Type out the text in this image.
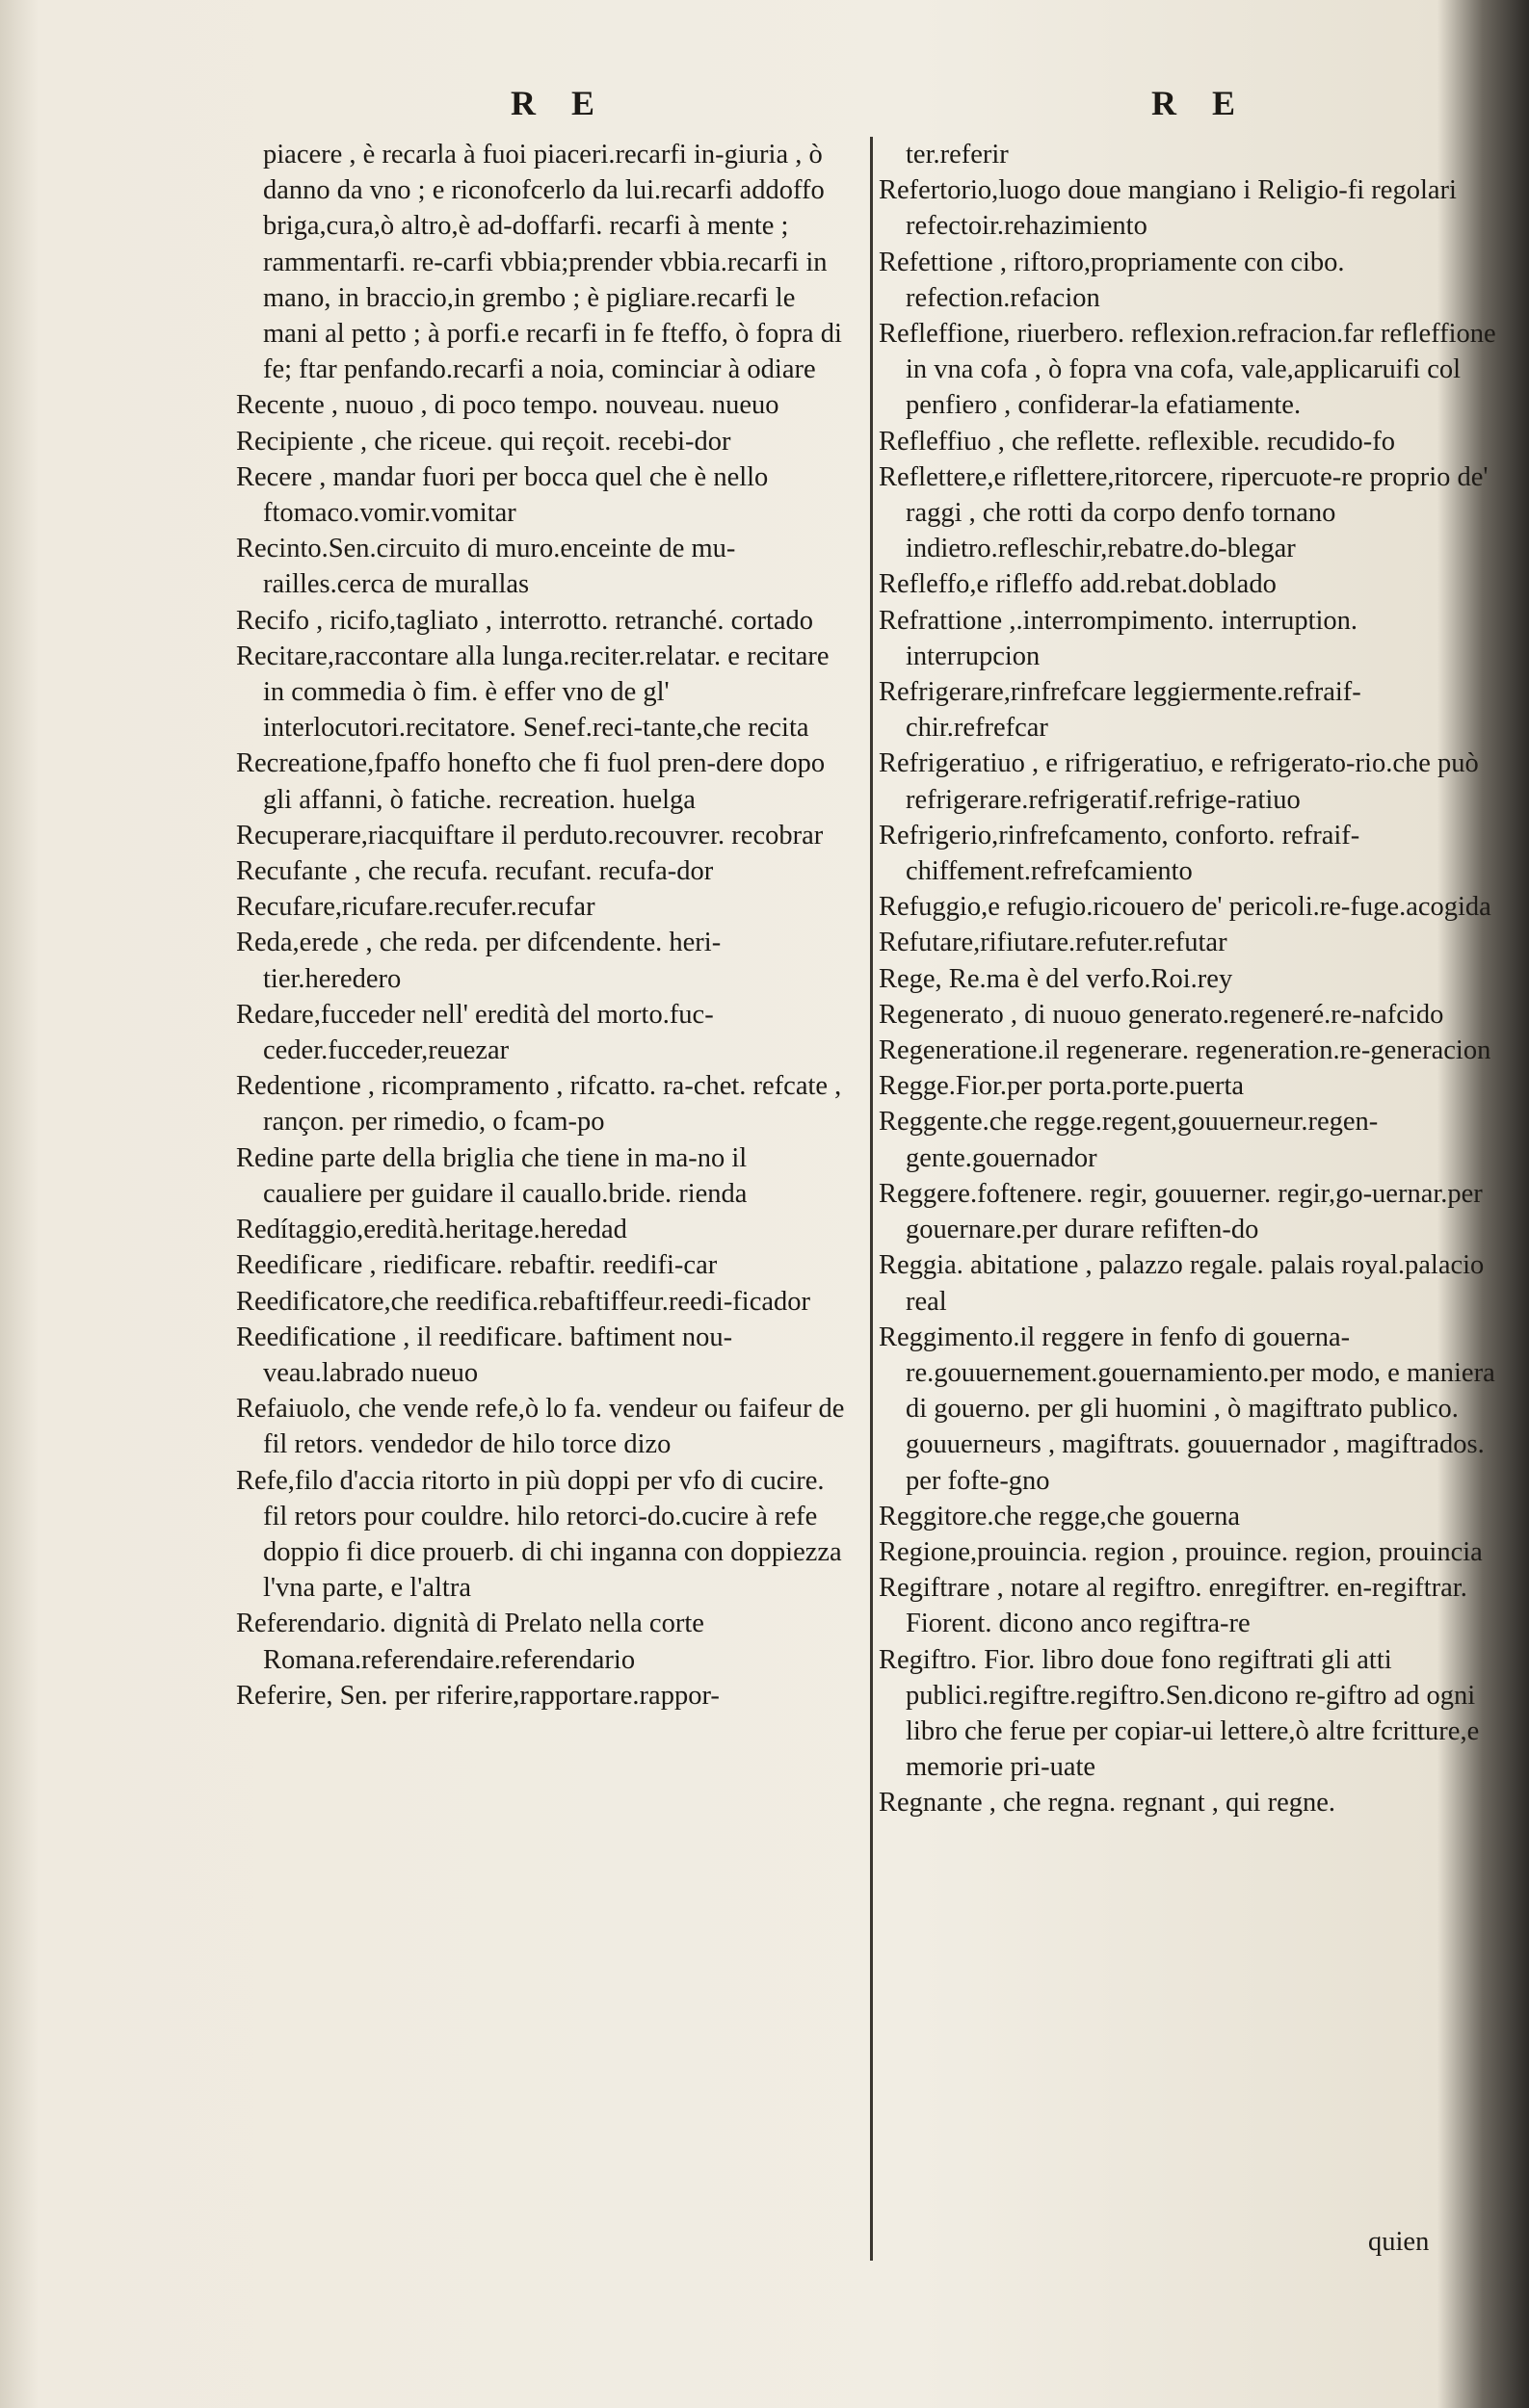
R E	R E
piacere , è recarla à fuoi piaceri.recarfi in-giuria , ò danno da vno ; e riconofcerlo da lui.recarfi addoffo briga,cura,ò altro,è ad-doffarfi. recarfi à mente ; rammentarfi. re-carfi vbbia;prender vbbia.recarfi in mano, in braccio,in grembo ; è pigliare.recarfi le mani al petto ; à porfi.e recarfi in fe fteffo, ò fopra di fe; ftar penfando.recarfi a noia, cominciar à odiare
Recente , nuouo , di poco tempo. nouveau. nueuo
Recipiente , che riceue. qui reçoit. recebi-dor
Recere , mandar fuori per bocca quel che è nello ftomaco.vomir.vomitar
Recinto.Sen.circuito di muro.enceinte de mu-railles.cerca de murallas
Recifo , ricifo,tagliato , interrotto. retranché. cortado
Recitare,raccontare alla lunga.reciter.relatar. e recitare in commedia ò fim. è effer vno de gl' interlocutori.recitatore. Senef.reci-tante,che recita
Recreatione,fpaffo honefto che fi fuol pren-dere dopo gli affanni, ò fatiche. recreation. huelga
Recuperare,riacquiftare il perduto.recouvrer. recobrar
Recufante , che recufa. recufant. recufa-dor
Recufare,ricufare.recufer.recufar
Reda,erede , che reda. per difcendente. heri-tier.heredero
Redare,fucceder nell' eredità del morto.fuc-ceder.fucceder,reuezar
Redentione , ricompramento , rifcatto. ra-chet. refcate , rançon. per rimedio, o fcam-po
Redine parte della briglia che tiene in ma-no il caualiere per guidare il cauallo.bride. rienda
Redítaggio,eredità.heritage.heredad
Reedificare , riedificare. rebaftir. reedifi-car
Reedificatore,che reedifica.rebaftiffeur.reedi-ficador
Reedificatione , il reedificare. baftiment nou-veau.labrado nueuo
Refaiuolo, che vende refe,ò lo fa. vendeur ou faifeur de fil retors. vendedor de hilo torce dizo
Refe,filo d'accia ritorto in più doppi per vfo di cucire. fil retors pour couldre. hilo retorci-do.cucire à refe doppio fi dice prouerb. di chi inganna con doppiezza l'vna parte, e l'altra
Referendario. dignità di Prelato nella corte Romana.referendaire.referendario
Referire, Sen. per riferire,rapportare.rappor-
ter.referir
Refertorio,luogo doue mangiano i Religio-fi regolari refectoir.rehazimiento
Refettione , riftoro,propriamente con cibo. refection.refacion
Refleffione, riuerbero. reflexion.refracion.far refleffione in vna cofa , ò fopra vna cofa, vale,applicaruifi col penfiero , confiderar-la efatiamente.
Refleffiuo , che reflette. reflexible. recudido-fo
Reflettere,e riflettere,ritorcere, ripercuote-re proprio de' raggi , che rotti da corpo denfo tornano indietro.refleschir,rebatre.do-blegar
Refleffo,e rifleffo add.rebat.doblado
Refrattione ,.interrompimento. interruption. interrupcion
Refrigerare,rinfrefcare leggiermente.refraif-chir.refrefcar
Refrigeratiuo , e rifrigeratiuo, e refrigerato-rio.che può refrigerare.refrigeratif.refrige-ratiuo
Refrigerio,rinfrefcamento, conforto. refraif-chiffement.refrefcamiento
Refuggio,e refugio.ricouero de' pericoli.re-fuge.acogida
Refutare,rifiutare.refuter.refutar
Rege, Re.ma è del verfo.Roi.rey
Regenerato , di nuouo generato.regeneré.re-nafcido
Regeneratione.il regenerare. regeneration.re-generacion
Regge.Fior.per porta.porte.puerta
Reggente.che regge.regent,gouuerneur.regen-gente.gouernador
Reggere.foftenere. regir, gouuerner. regir,go-uernar.per gouernare.per durare refiften-do
Reggia. abitatione , palazzo regale. palais royal.palacio real
Reggimento.il reggere in fenfo di gouerna-re.gouuernement.gouernamiento.per modo, e maniera di gouerno. per gli huomini , ò magiftrato publico. gouuerneurs , magiftrats. gouuernador , magiftrados. per fofte-gno
Reggitore.che regge,che gouerna
Regione,prouincia. region , prouince. region, prouincia
Regiftrare , notare al regiftro. enregiftrer. en-regiftrar. Fiorent. dicono anco regiftra-re
Regiftro. Fior. libro doue fono regiftrati gli atti publici.regiftre.regiftro.Sen.dicono re-giftro ad ogni libro che ferue per copiar-ui lettere,ò altre fcritture,e memorie pri-uate
Regnante , che regna. regnant , qui regne.
quien
